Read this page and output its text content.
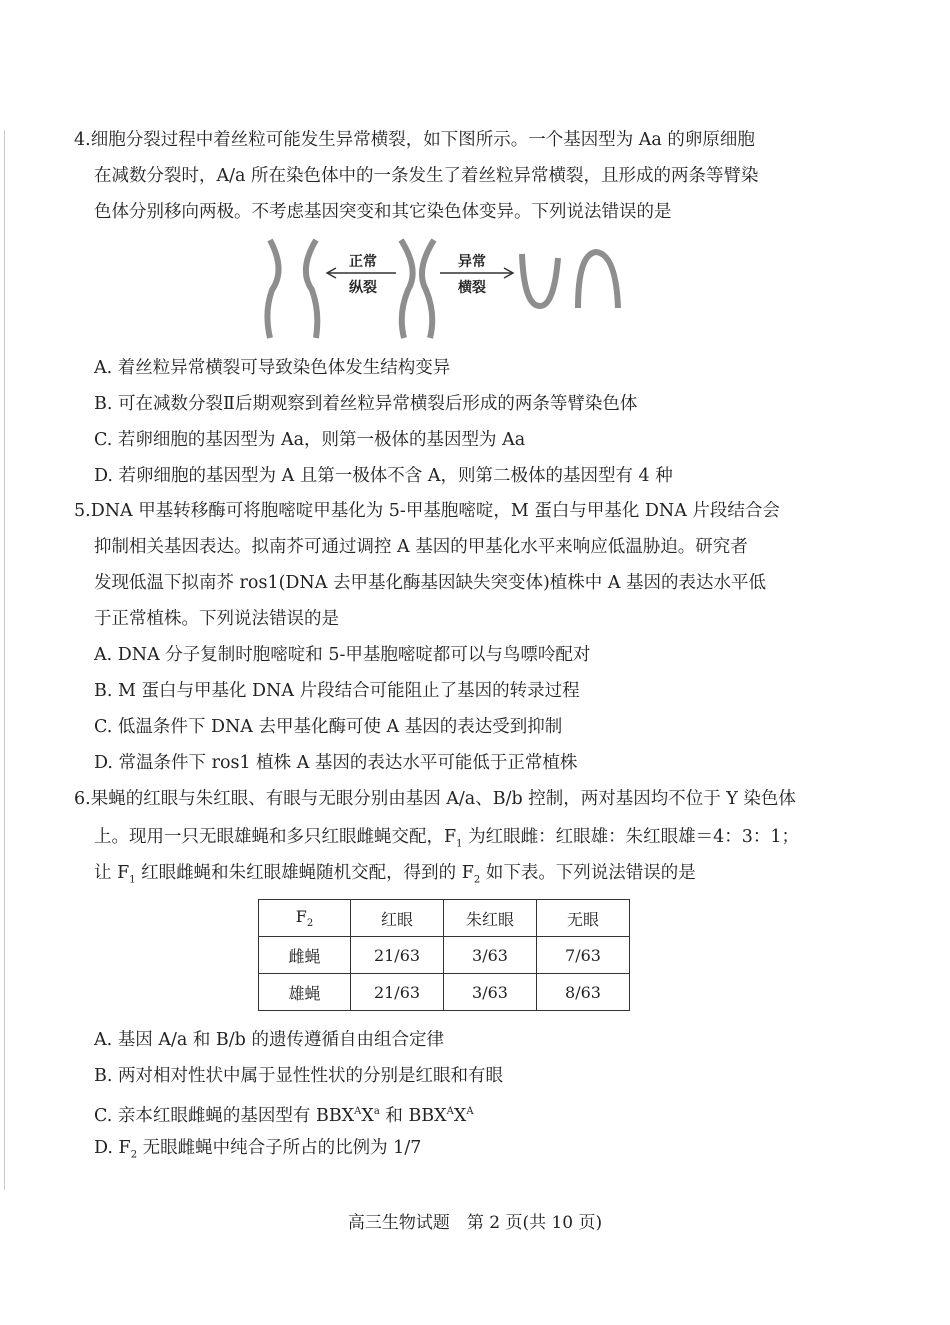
4.细胞分裂过程中着丝粒可能发生异常横裂，如下图所示。一个基因型为 Aa 的卵原细胞
在减数分裂时，A/a 所在染色体中的一条发生了着丝粒异常横裂，且形成的两条等臂染
色体分别移向两极。不考虑基因突变和其它染色体变异。下列说法错误的是
正常
纵裂
异常
横裂
A. 着丝粒异常横裂可导致染色体发生结构变异
B. 可在减数分裂Ⅱ后期观察到着丝粒异常横裂后形成的两条等臂染色体
C. 若卵细胞的基因型为 Aa，则第一极体的基因型为 Aa
D. 若卵细胞的基因型为 A 且第一极体不含 A，则第二极体的基因型有 4 种
5.DNA 甲基转移酶可将胞嘧啶甲基化为 5-甲基胞嘧啶，M 蛋白与甲基化 DNA 片段结合会
抑制相关基因表达。拟南芥可通过调控 A 基因的甲基化水平来响应低温胁迫。研究者
发现低温下拟南芥 ros1(DNA 去甲基化酶基因缺失突变体)植株中 A 基因的表达水平低
于正常植株。下列说法错误的是
A. DNA 分子复制时胞嘧啶和 5-甲基胞嘧啶都可以与鸟嘌呤配对
B. M 蛋白与甲基化 DNA 片段结合可能阻止了基因的转录过程
C. 低温条件下 DNA 去甲基化酶可使 A 基因的表达受到抑制
D. 常温条件下 ros1 植株 A 基因的表达水平可能低于正常植株
6.果蝇的红眼与朱红眼、有眼与无眼分别由基因 A/a、B/b 控制，两对基因均不位于 Y 染色体
上。现用一只无眼雄蝇和多只红眼雌蝇交配，$F_1$ 为红眼雌：红眼雄：朱红眼雄＝4：3：1；
让 $F_1$ 红眼雌蝇和朱红眼雄蝇随机交配，得到的 $F_2$ 如下表。下列说法错误的是
$F_2$	红眼	朱红眼	无眼
雌蝇	21/63	3/63	7/63
雄蝇	21/63	3/63	8/63
A. 基因 A/a 和 B/b 的遗传遵循自由组合定律
B. 两对相对性状中属于显性性状的分别是红眼和有眼
C. 亲本红眼雌蝇的基因型有 $BBX^AX^a$ 和 $BBX^AX^A$
D. $F_2$ 无眼雌蝇中纯合子所占的比例为 1/7
高三生物试题　第 2 页(共 10 页)
